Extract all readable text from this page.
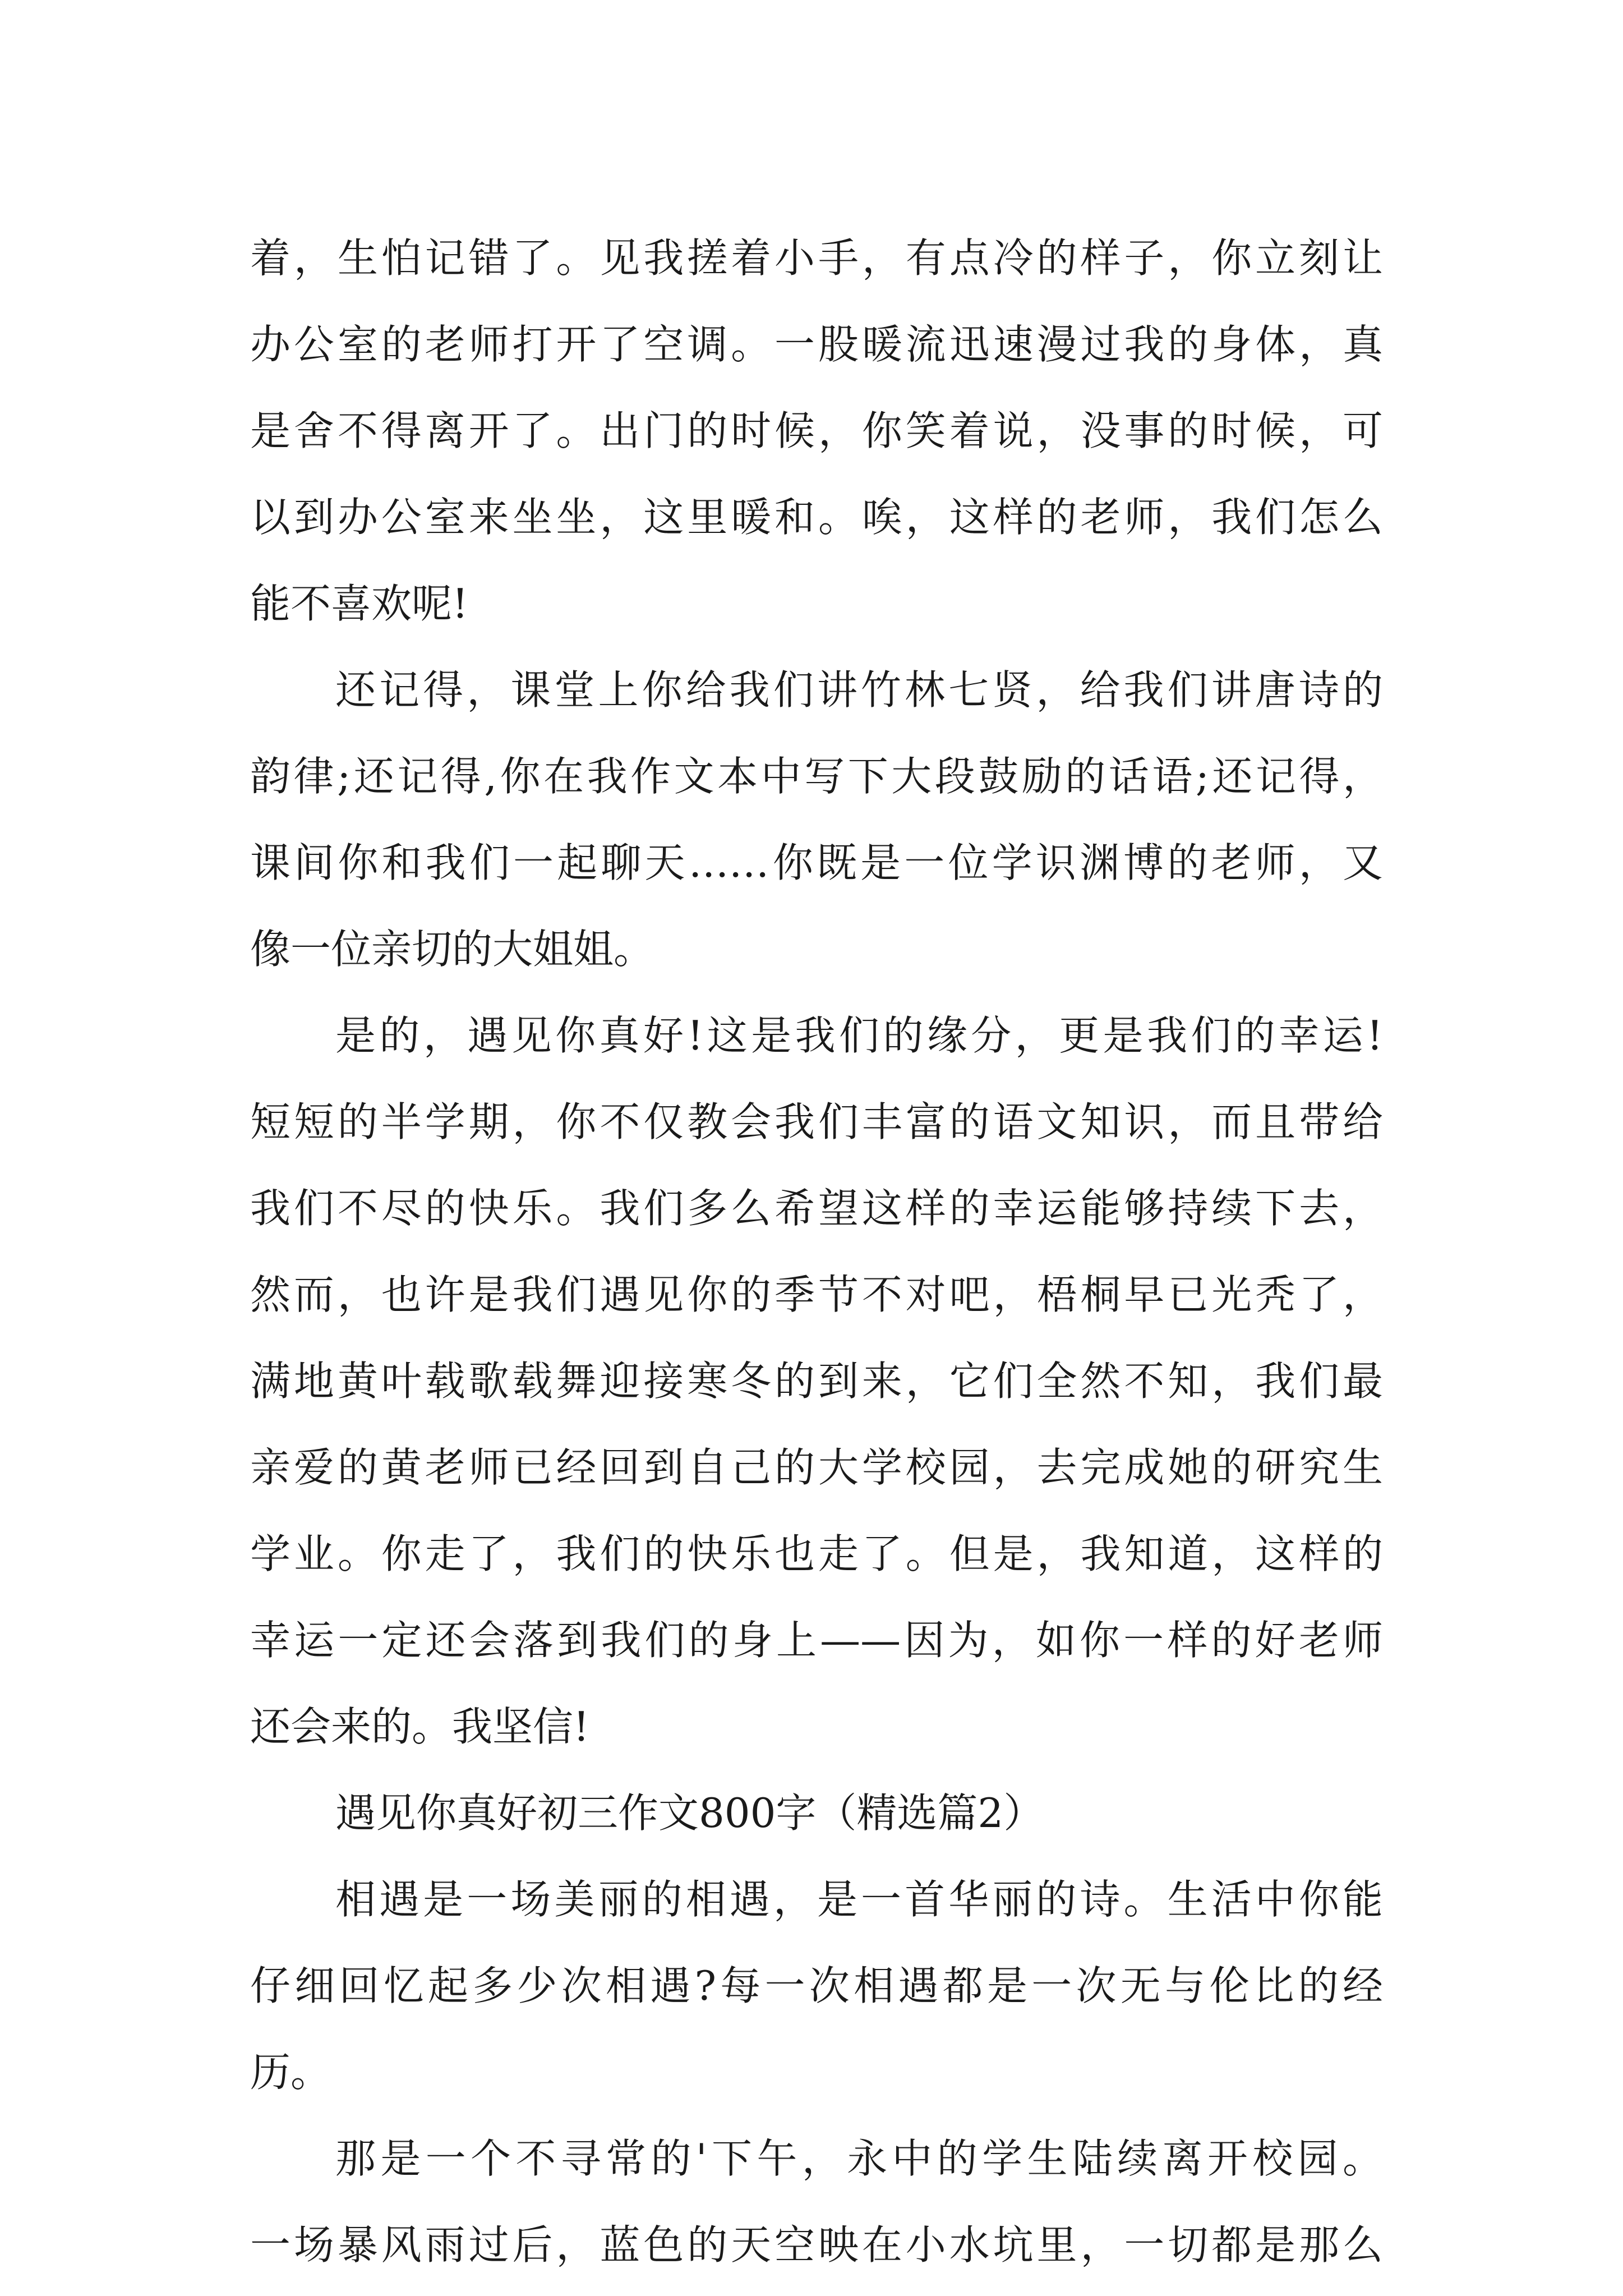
着，生怕记错了。见我搓着小手，有点冷的样子，你立刻让
办公室的老师打开了空调。一股暖流迅速漫过我的身体，真
是舍不得离开了。出门的时候，你笑着说，没事的时候，可
以到办公室来坐坐，这里暖和。唉，这样的老师，我们怎么
能不喜欢呢!
还记得，课堂上你给我们讲竹林七贤，给我们讲唐诗的
韵律;还记得,你在我作文本中写下大段鼓励的话语;还记得，
课间你和我们一起聊天……你既是一位学识渊博的老师，又
像一位亲切的大姐姐。
是的，遇见你真好!这是我们的缘分，更是我们的幸运!
短短的半学期，你不仅教会我们丰富的语文知识，而且带给
我们不尽的快乐。我们多么希望这样的幸运能够持续下去，
然而，也许是我们遇见你的季节不对吧，梧桐早已光秃了，
满地黄叶载歌载舞迎接寒冬的到来，它们全然不知，我们最
亲爱的黄老师已经回到自己的大学校园，去完成她的研究生
学业。你走了，我们的快乐也走了。但是，我知道，这样的
幸运一定还会落到我们的身上——因为，如你一样的好老师
还会来的。我坚信!
遇见你真好初三作文800字（精选篇2）
相遇是一场美丽的相遇，是一首华丽的诗。生活中你能
仔细回忆起多少次相遇?每一次相遇都是一次无与伦比的经
历。
那是一个不寻常的'下午，永中的学生陆续离开校园。
一场暴风雨过后，蓝色的天空映在小水坑里，一切都是那么
